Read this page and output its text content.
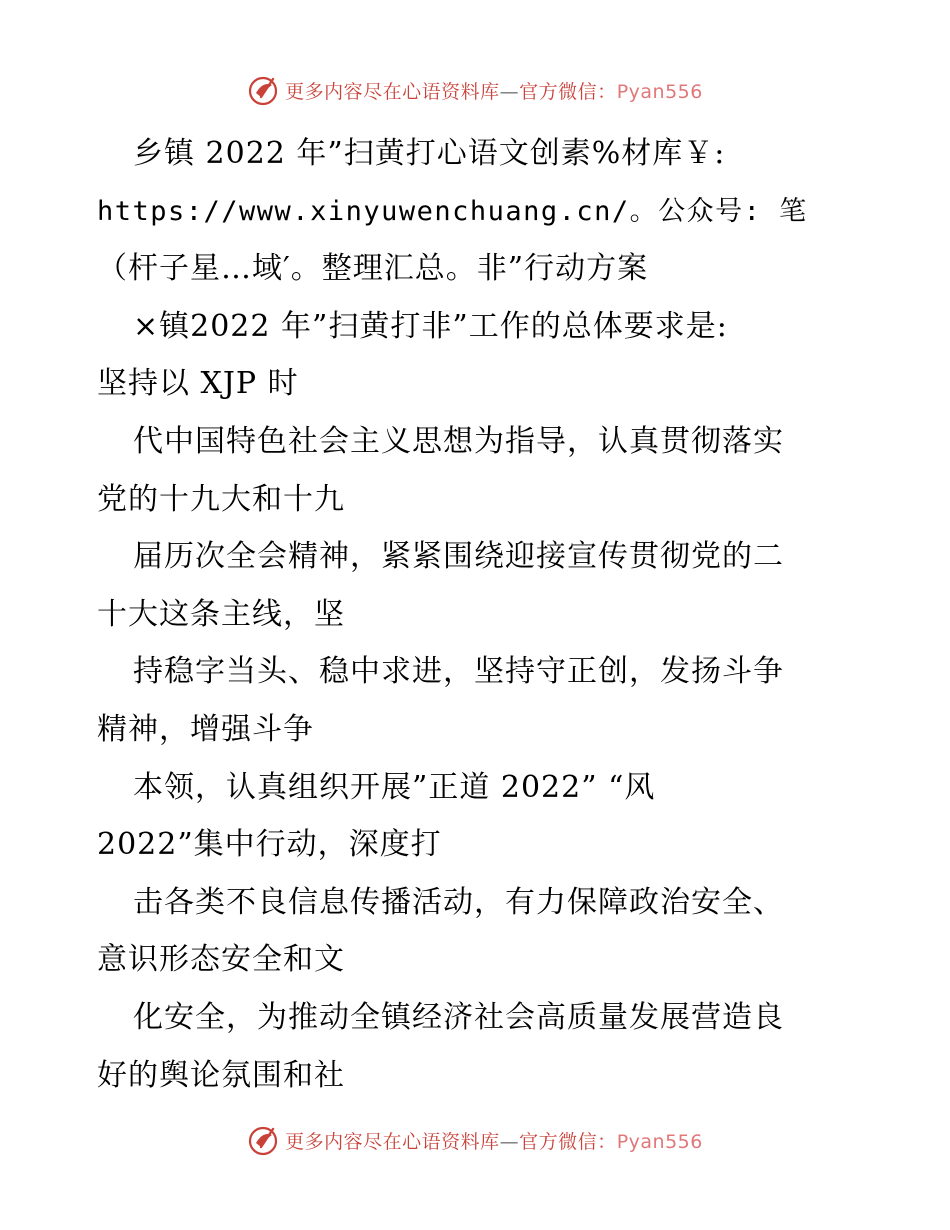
更多内容尽在心语资料库—官方微信：Pyan556
乡镇 2022 年”扫黄打心语文创素%材库￥:
https://www.xinyuwenchuang.cn/。公众号: 笔
（杆子星…域′。整理汇总。非”行动方案
×镇2022 年”扫黄打非”工作的总体要求是:
坚持以 XJP 时
代中国特色社会主义思想为指导，认真贯彻落实
党的十九大和十九
届历次全会精神，紧紧围绕迎接宣传贯彻党的二
十大这条主线，坚
持稳字当头、稳中求进，坚持守正创，发扬斗争
精神，增强斗争
本领，认真组织开展”正道 2022” “风
2022”集中行动，深度打
击各类不良信息传播活动，有力保障政治安全、
意识形态安全和文
化安全，为推动全镇经济社会高质量发展营造良
好的舆论氛围和社
更多内容尽在心语资料库—官方微信：Pyan556
